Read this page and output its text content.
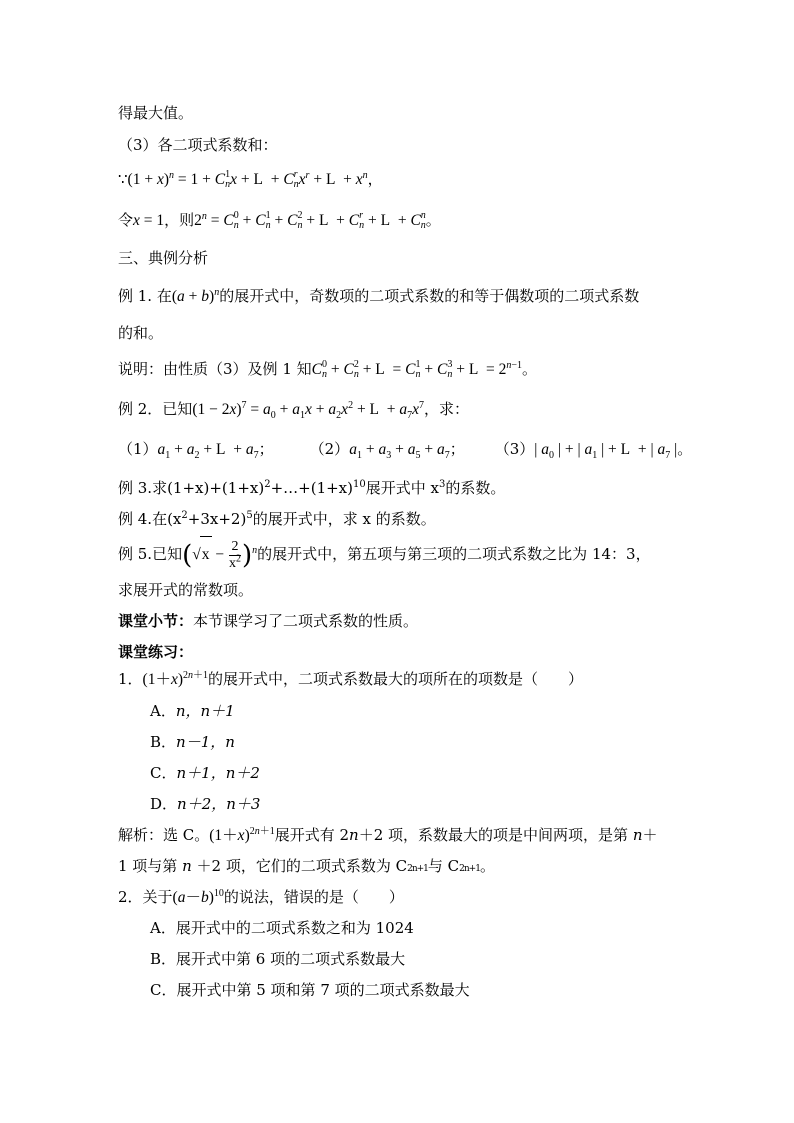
得最大值。
（3）各二项式系数和：
∵(1 + x)$^n$ = 1 + C 1
n x + L  + C r
n $x^r + L + x^n$，
令x = 1，则$2^n = C$ 0
n + C 1
n + C 2
n + L  + C r
n + L  + C n
n 。
三、典例分析
例 1. 在$(a + b)^n$的展开式中，奇数项的二项式系数的和等于偶数项的二项式系数
的和。
说明：由性质（3）及例 1 知C 0
n + C 2
n + L  = C 1
n + C 3
$n + L = 2^{n-1}$。
例 2．已知$(1 - 2x)^7 = a_0 + a_1x + a_2x^2 + L + a_7x^7$，求：
$(1)a_1 + a_2 + L + a_7$； $(2)a_1 + a_3 + a_5 + a_7$； （3）| $a_0$ | + | $a_1$ | + L  + | $a_7$ |。
例 3.求$(1+x)+(1+x)^2+\dots+(1+x)^{10}$展开式中 $x^3$的系数。
例 4.在$(x^2+3x+2)^5$的展开式中，求 x 的系数。
例 5.已知$(√x - \frac{2}{x^2} )^n$的展开式中，第五项与第三项的二项式系数之比为 14：3，
求展开式的常数项。
课堂小节：本节课学习了二项式系数的性质。
课堂练习：
1．$(1+x)^{2n+1}$的展开式中，二项式系数最大的项所在的项数是（　　）
A．n，n＋1
B．n－1，n
C．n＋1，n＋2
D．n＋2，n＋3
解析：选 C。$(1+x)^{2n+1}$展开式有 2n＋2 项，系数最大的项是中间两项，是第 n＋
1 项与第 n ＋2 项，它们的二项式系数为 C2n+1与 C2n+1。
2．关于$(a-b)^{10}$的说法，错误的是（　　）
A．展开式中的二项式系数之和为 1024
B．展开式中第 6 项的二项式系数最大
C．展开式中第 5 项和第 7 项的二项式系数最大
